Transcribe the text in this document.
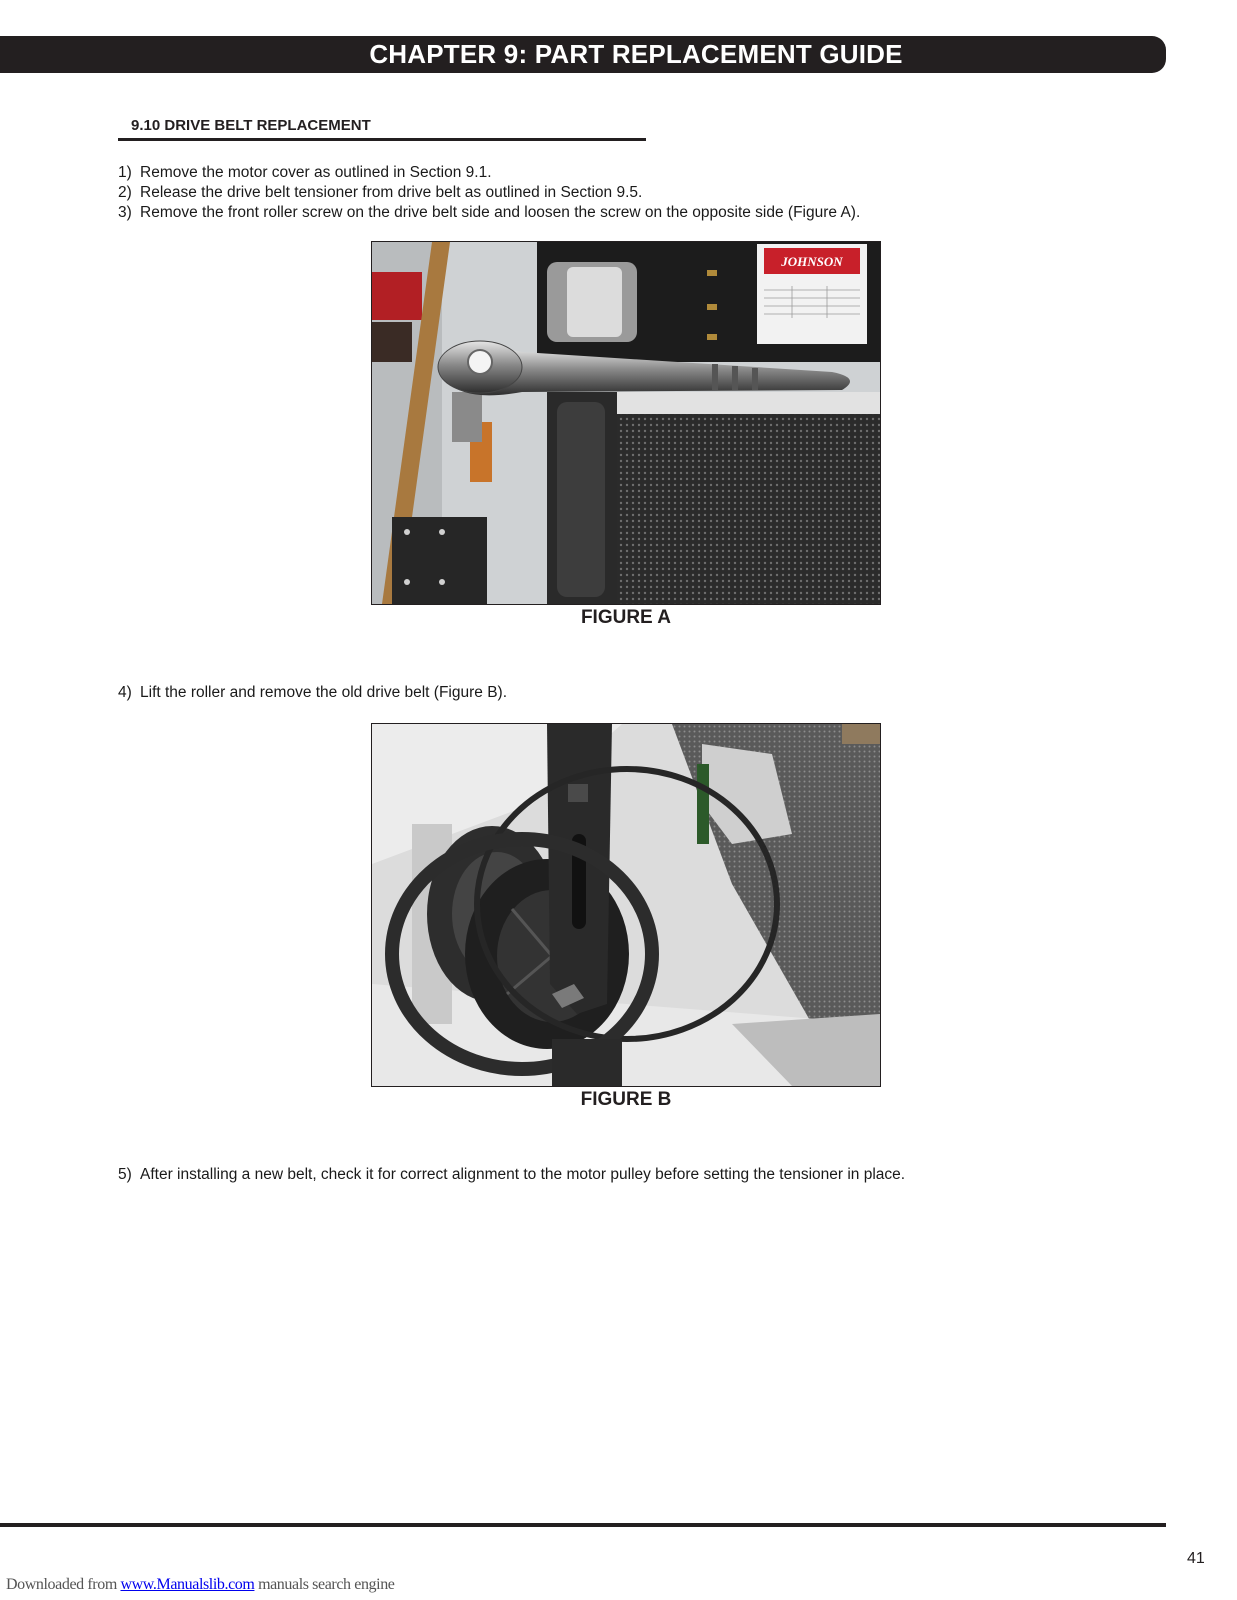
CHAPTER 9: PART REPLACEMENT GUIDE
9.10 DRIVE BELT REPLACEMENT
1) Remove the motor cover as outlined in Section 9.1.
2) Release the drive belt tensioner from drive belt as outlined in Section 9.5.
3) Remove the front roller screw on the drive belt side and loosen the screw on the opposite side (Figure A).
JOHNSON
FIGURE A
4) Lift the roller and remove the old drive belt (Figure B).
FIGURE B
5) After installing a new belt, check it for correct alignment to the motor pulley before setting the tensioner in place.
41
Downloaded from www.Manualslib.com manuals search engine
